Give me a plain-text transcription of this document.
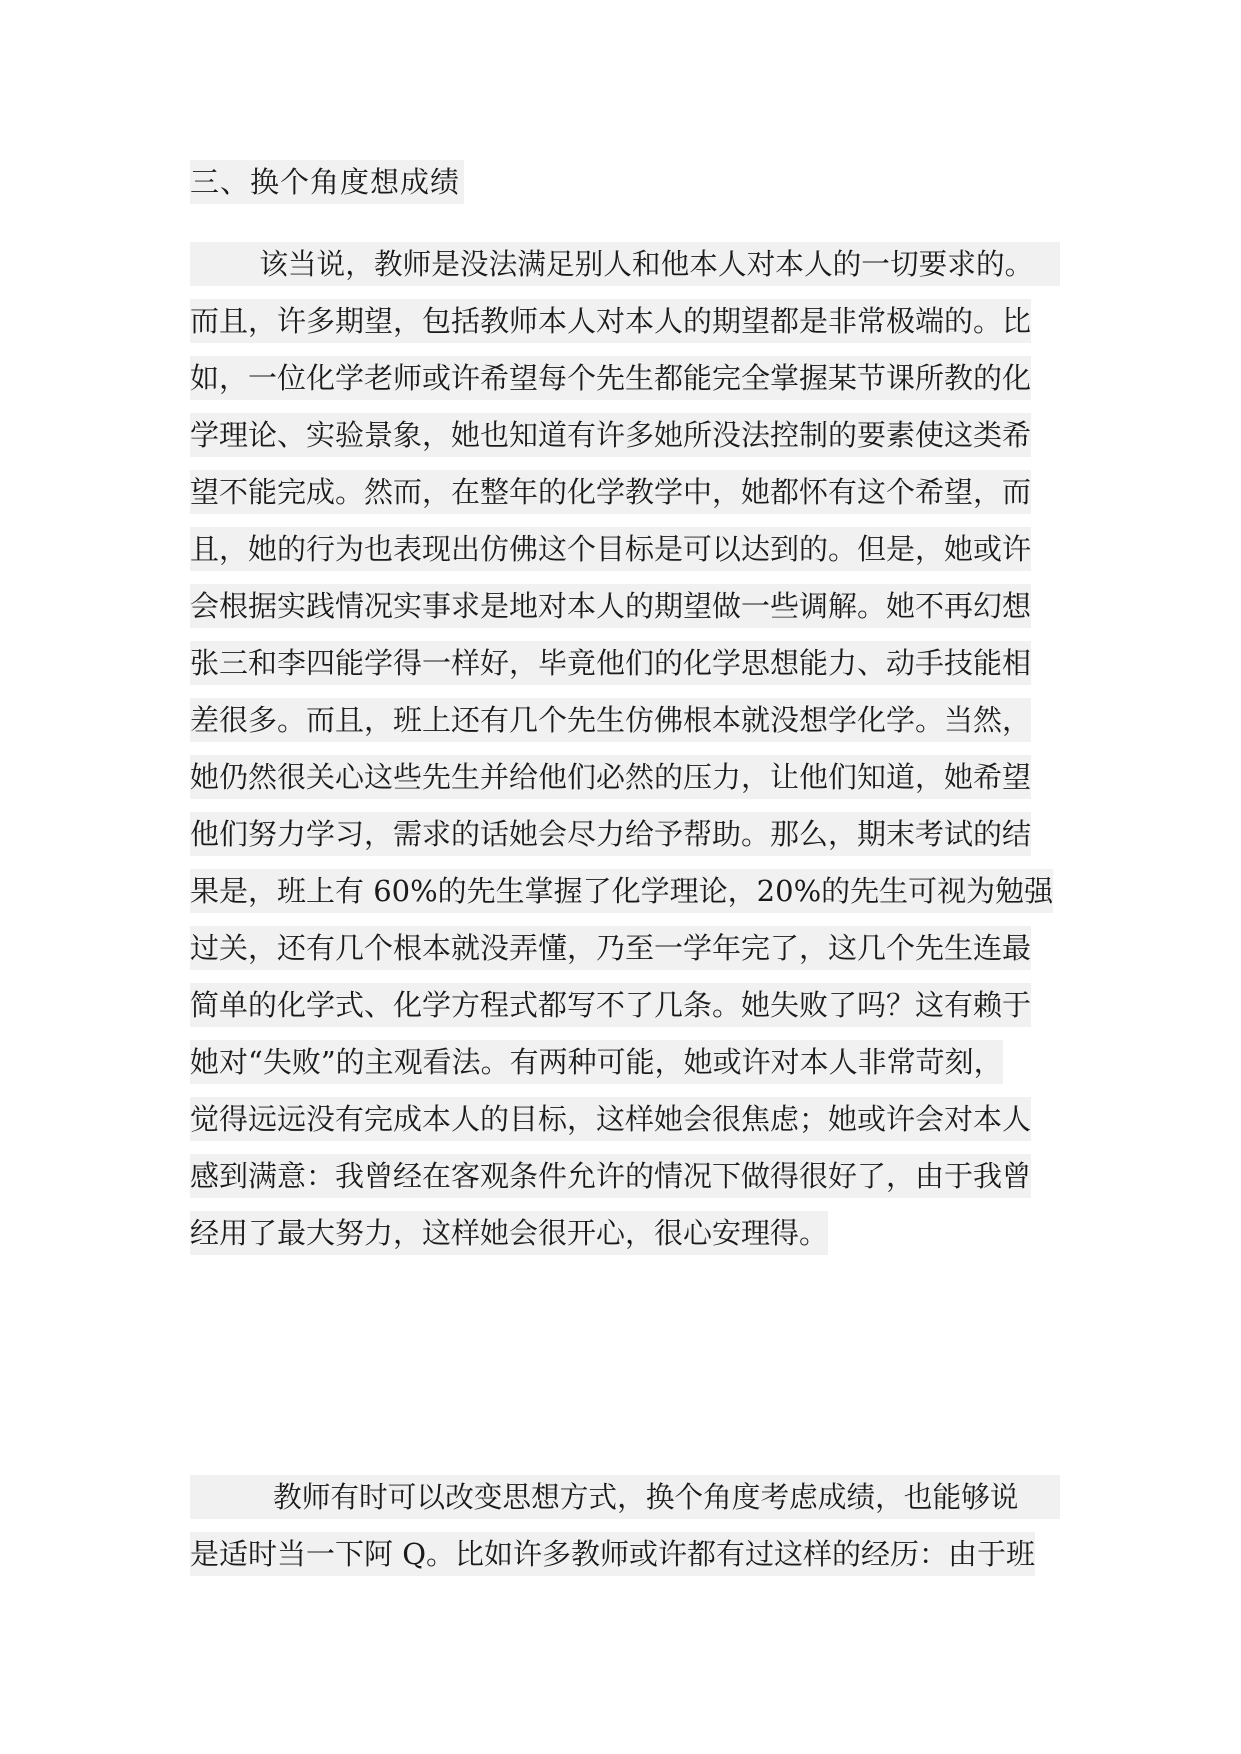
三、换个角度想成绩
该当说，教师是没法满足别人和他本人对本人的一切要求的。
而且，许多期望，包括教师本人对本人的期望都是非常极端的。比
如，一位化学老师或许希望每个先生都能完全掌握某节课所教的化
学理论、实验景象，她也知道有许多她所没法控制的要素使这类希
望不能完成。然而，在整年的化学教学中，她都怀有这个希望，而
且，她的行为也表现出仿佛这个目标是可以达到的。但是，她或许
会根据实践情况实事求是地对本人的期望做一些调解。她不再幻想
张三和李四能学得一样好，毕竟他们的化学思想能力、动手技能相
差很多。而且，班上还有几个先生仿佛根本就没想学化学。当然，
她仍然很关心这些先生并给他们必然的压力，让他们知道，她希望
他们努力学习，需求的话她会尽力给予帮助。那么，期末考试的结
果是，班上有 60%的先生掌握了化学理论，20%的先生可视为勉强
过关，还有几个根本就没弄懂，乃至一学年完了，这几个先生连最
简单的化学式、化学方程式都写不了几条。她失败了吗？这有赖于
她对“失败”的主观看法。有两种可能，她或许对本人非常苛刻，
觉得远远没有完成本人的目标，这样她会很焦虑；她或许会对本人
感到满意：我曾经在客观条件允许的情况下做得很好了，由于我曾
经用了最大努力，这样她会很开心，很心安理得。
教师有时可以改变思想方式，换个角度考虑成绩，也能够说
是适时当一下阿 Q。比如许多教师或许都有过这样的经历：由于班
